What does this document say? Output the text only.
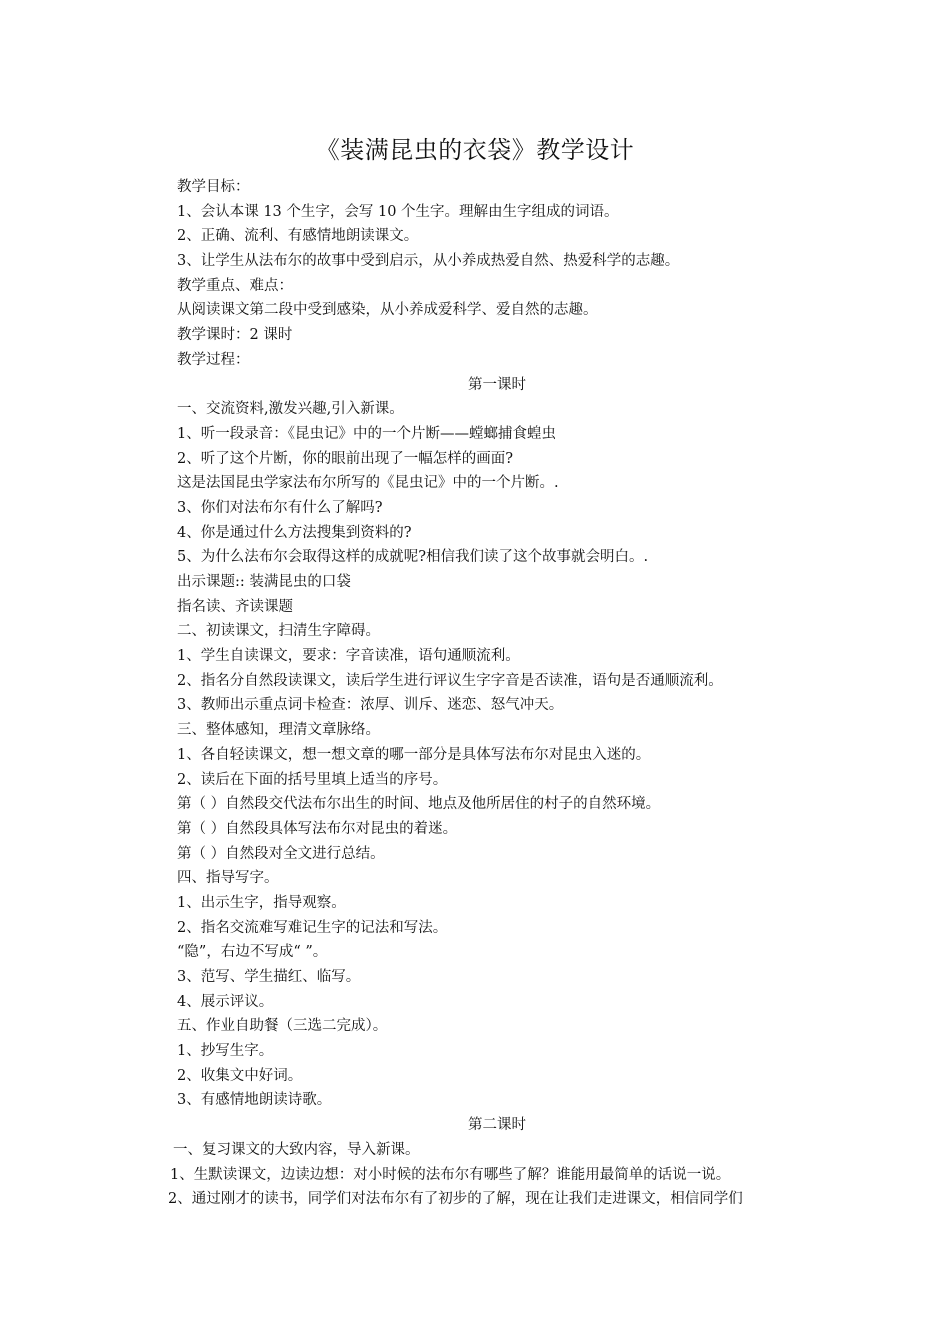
《装满昆虫的衣袋》教学设计
教学目标：
1、会认本课 13 个生字，会写 10 个生字。理解由生字组成的词语。
2、正确、流利、有感情地朗读课文。
3、让学生从法布尔的故事中受到启示，从小养成热爱自然、热爱科学的志趣。
教学重点、难点：
从阅读课文第二段中受到感染，从小养成爱科学、爱自然的志趣。
教学课时：2 课时
教学过程：
第一课时
一、交流资料,激发兴趣,引入新课。
1、听一段录音：《昆虫记》中的一个片断——螳螂捕食蝗虫
2、听了这个片断，你的眼前出现了一幅怎样的画面?
这是法国昆虫学家法布尔所写的《昆虫记》中的一个片断。.
3、你们对法布尔有什么了解吗?
4、你是通过什么方法搜集到资料的?
5、为什么法布尔会取得这样的成就呢?相信我们读了这个故事就会明白。.
出示课题:: 装满昆虫的口袋
指名读、齐读课题
二、初读课文，扫清生字障碍。
1、学生自读课文，要求：字音读准，语句通顺流利。
2、指名分自然段读课文，读后学生进行评议生字字音是否读准，语句是否通顺流利。
3、教师出示重点词卡检查：浓厚、训斥、迷恋、怒气冲天。
三、整体感知，理清文章脉络。
1、各自轻读课文，想一想文章的哪一部分是具体写法布尔对昆虫入迷的。
2、读后在下面的括号里填上适当的序号。
第（ ）自然段交代法布尔出生的时间、地点及他所居住的村子的自然环境。
第（ ）自然段具体写法布尔对昆虫的着迷。
第（ ）自然段对全文进行总结。
四、指导写字。
1、出示生字，指导观察。
2、指名交流难写难记生字的记法和写法。
“隐”，右边不写成“ ”。
3、范写、学生描红、临写。
4、展示评议。
五、作业自助餐（三选二完成）。
1、抄写生字。
2、收集文中好词。
3、有感情地朗读诗歌。
第二课时
一、复习课文的大致内容，导入新课。
1、生默读课文，边读边想：对小时候的法布尔有哪些了解？谁能用最简单的话说一说。
2、通过刚才的读书，同学们对法布尔有了初步的了解，现在让我们走进课文，相信同学们
